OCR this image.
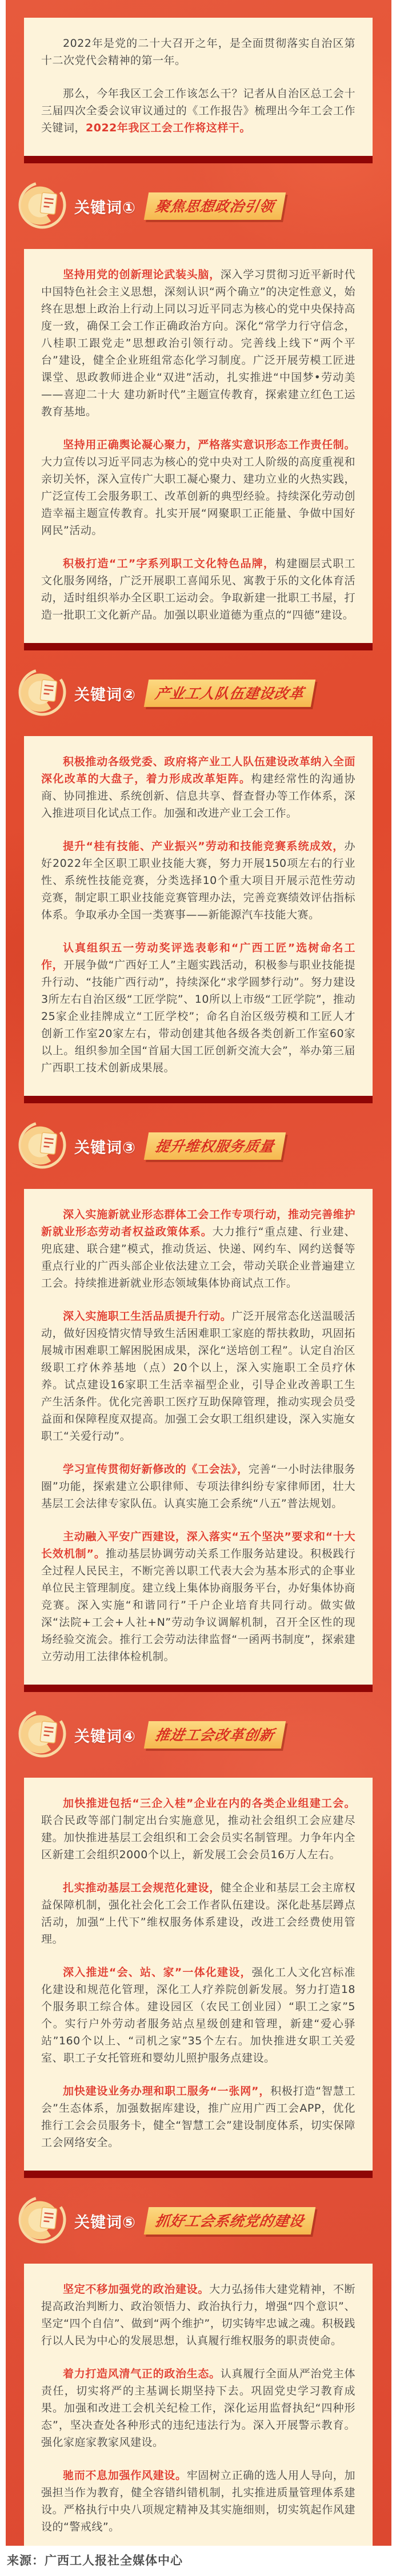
2022年是党的二十大召开之年，是全面贯彻落实自治区第十二次党代会精神的第一年。

那么，今年我区工会工作该怎么干？记者从自治区总工会十三届四次全委会议审议通过的《工作报告》梳理出今年工会工作关键词，2022年我区工会工作将这样干。

关键词①	聚焦思想政治引领

坚持用党的创新理论武装头脑，深入学习贯彻习近平新时代中国特色社会主义思想，深刻认识“两个确立”的决定性意义，始终在思想上政治上行动上同以习近平同志为核心的党中央保持高度一致，确保工会工作正确政治方向。深化“常学力行守信念，八桂职工跟党走”思想政治引领行动。完善线上线下“两个平台”建设，健全企业班组常态化学习制度。广泛开展劳模工匠进课堂、思政教师进企业“双进”活动，扎实推进“中国梦•劳动美——喜迎二十大 建功新时代”主题宣传教育，探索建立红色工运教育基地。

坚持用正确舆论凝心聚力，严格落实意识形态工作责任制。大力宣传以习近平同志为核心的党中央对工人阶级的高度重视和亲切关怀，深入宣传广大职工凝心聚力、建功立业的火热实践，广泛宣传工会服务职工、改革创新的典型经验。持续深化劳动创造幸福主题宣传教育。扎实开展“网聚职工正能量、争做中国好网民”活动。

积极打造“工”字系列职工文化特色品牌，构建圈层式职工文化服务网络，广泛开展职工喜闻乐见、寓教于乐的文化体育活动，适时组织举办全区职工运动会。争取新建一批职工书屋，打造一批职工文化新产品。加强以职业道德为重点的“四德”建设。

关键词②	产业工人队伍建设改革

积极推动各级党委、政府将产业工人队伍建设改革纳入全面深化改革的大盘子，着力形成改革矩阵。构建经常性的沟通协商、协同推进、系统创新、信息共享、督查督办等工作体系，深入推进项目化试点工作。加强和改进产业工会工作。

提升“桂有技能、产业振兴”劳动和技能竞赛系统成效，办好2022年全区职工职业技能大赛，努力开展150项左右的行业性、系统性技能竞赛，分类选择10个重大项目开展示范性劳动竞赛，制定职工职业技能竞赛管理办法，完善竞赛绩效评估指标体系。争取承办全国一类赛事——新能源汽车技能大赛。

认真组织五一劳动奖评选表彰和“广西工匠”选树命名工作，开展争做“广西好工人”主题实践活动，积极参与职业技能提升行动、“技能广西行动”，持续深化“求学圆梦行动”。努力建设3所左右自治区级“工匠学院”、10所以上市级“工匠学院”，推动25家企业挂牌成立“工匠学校”；命名自治区级劳模和工匠人才创新工作室20家左右，带动创建其他各级各类创新工作室60家以上。组织参加全国“首届大国工匠创新交流大会”，举办第三届广西职工技术创新成果展。

关键词③	提升维权服务质量

深入实施新就业形态群体工会工作专项行动，推动完善维护新就业形态劳动者权益政策体系。大力推行“重点建、行业建、兜底建、联合建”模式，推动货运、快递、网约车、网约送餐等重点行业的广西头部企业依法建立工会，带动关联企业普遍建立工会。持续推进新就业形态领域集体协商试点工作。

深入实施职工生活品质提升行动。广泛开展常态化送温暖活动，做好因疫情灾情导致生活困难职工家庭的帮扶救助，巩固拓展城市困难职工解困脱困成果，深化“送培创工程”。认定自治区级职工疗休养基地（点）20个以上，深入实施职工全员疗休养。试点建设16家职工生活幸福型企业，引导企业改善职工生产生活条件。优化完善职工医疗互助保障管理，推动实现会员受益面和保障程度双提高。加强工会女职工组织建设，深入实施女职工“关爱行动”。

学习宣传贯彻好新修改的《工会法》，完善“一小时法律服务圈”功能，探索建立公职律师、专项法律纠纷专家律师团，壮大基层工会法律专家队伍。认真实施工会系统“八五”普法规划。

主动融入平安广西建设，深入落实“五个坚决”要求和“十大长效机制”。推动基层协调劳动关系工作服务站建设。积极践行全过程人民民主，不断完善以职工代表大会为基本形式的企事业单位民主管理制度。建立线上集体协商服务平台，办好集体协商竞赛。深入实施“和谐同行”千户企业培育共同行动。做实做深“法院+工会+人社+N”劳动争议调解机制，召开全区性的现场经验交流会。推行工会劳动法律监督“一函两书制度”，探索建立劳动用工法律体检机制。

关键词④	推进工会改革创新

加快推进包括“三企入桂”企业在内的各类企业组建工会。联合民政等部门制定出台实施意见，推动社会组织工会应建尽建。加快推进基层工会组织和工会会员实名制管理。力争年内全区新建工会组织2000个以上，新发展工会会员16万人左右。

扎实推动基层工会规范化建设，健全企业和基层工会主席权益保障机制，强化社会化工会工作者队伍建设。深化赴基层蹲点活动，加强“上代下”维权服务体系建设，改进工会经费使用管理。

深入推进“会、站、家”一体化建设，强化工人文化宫标准化建设和规范化管理，深化工人疗养院创新发展。努力打造18个服务职工综合体。建设园区（农民工创业园）“职工之家”5个。实行户外劳动者服务站点星级创建和管理，新建“爱心驿站”160个以上、“司机之家”35个左右。加快推进女职工关爱室、职工子女托管班和婴幼儿照护服务点建设。

加快建设业务办理和职工服务“一张网”，积极打造“智慧工会”生态体系，加强数据库建设，推广应用广西工会APP，优化推行工会会员服务卡，健全“智慧工会”建设制度体系，切实保障工会网络安全。

关键词⑤	抓好工会系统党的建设

坚定不移加强党的政治建设。大力弘扬伟大建党精神，不断提高政治判断力、政治领悟力、政治执行力，增强“四个意识”、坚定“四个自信”、做到“两个维护”，切实铸牢忠诚之魂。积极践行以人民为中心的发展思想，认真履行维权服务的职责使命。

着力打造风清气正的政治生态。认真履行全面从严治党主体责任，切实将严的主基调长期坚持下去。巩固党史学习教育成果。加强和改进工会机关纪检工作，深化运用监督执纪“四种形态”，坚决查处各种形式的违纪违法行为。深入开展警示教育。强化家庭家教家风建设。

驰而不息加强作风建设。牢固树立正确的选人用人导向，加强担当作为教育，健全容错纠错机制，扎实推进质量管理体系建设。严格执行中央八项规定精神及其实施细则，切实筑起作风建设的“警戒线”。

来源：广西工人报社全媒体中心
